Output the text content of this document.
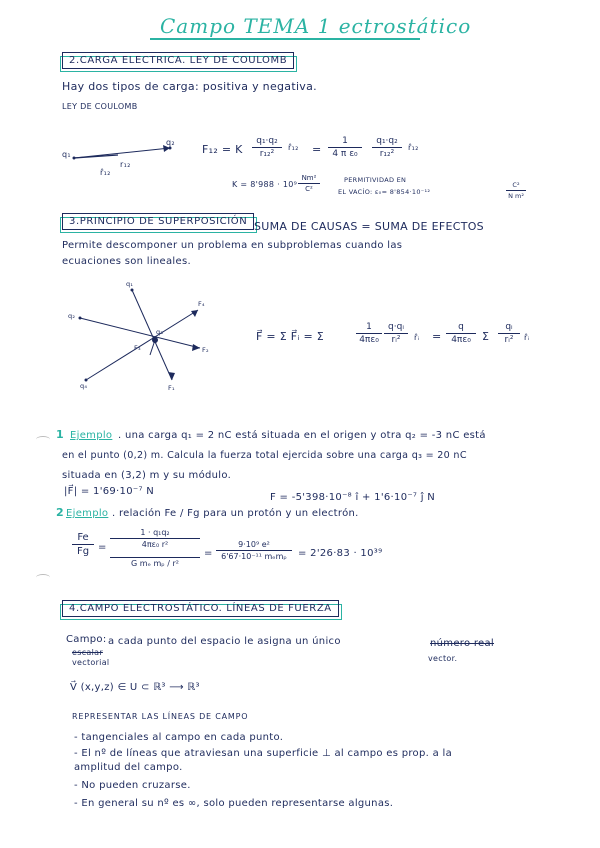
Campo TEMA 1 ectrostático
2.CARGA ELECTRICA. LEY DE COULOMB
Hay dos tipos de carga: positiva y negativa.
LEY DE COULOMB
q₁
q₂
r₁₂
r̂₁₂
F₁₂ = K
q₁·q₂
r₁₂²
r̂₁₂ =
1
4 π ε₀
q₁·q₂
r₁₂²
r̂₁₂
K = 8'988 · 10⁹
Nm²
C²
PERMITIVIDAD EN
EL VACÍO: ε₀= 8'854·10⁻¹²
C²
N m²
3.PRINCIPIO DE SUPERPOSICIÓN SUMA DE CAUSAS = SUMA DE EFECTOS
Permite descomponer un problema en subproblemas cuando las
ecuaciones son lineales.
q₁
q₂
q₃
q₄	F₁
F₂
F₃
F₄
F⃗ = Σ F⃗ᵢ = Σ
1
4πε₀
q·qᵢ
rᵢ²	r̂ᵢ =
q
4πε₀	Σ
qᵢ
rᵢ²	r̂ᵢ
1 Ejemplo . una carga q₁ = 2 nC está situada en el origen y otra q₂ = -3 nC está
en el punto (0,2) m. Calcula la fuerza total ejercida sobre una carga q₃ = 20 nC
situada en (3,2) m y su módulo.
F = -5'398·10⁻⁸ î + 1'6·10⁻⁷ ĵ N
|F⃗| = 1'69·10⁻⁷ N
2 Ejemplo . relación Fe / Fg para un protón y un electrón.
Fe
Fg =
1 · q₁q₂
4πε₀ r²
G mₑ mₚ / r²
=
9·10⁹ e²
6'67·10⁻¹¹ mₑmₚ	= 2'26·83 · 10³⁹
4.CAMPO ELECTROSTÁTICO. LÍNEAS DE FUERZA
Campo: a cada punto del espacio le asigna un único	número real
escalar
vectorial	vector.
V⃗ (x,y,z) ∈ U ⊂ ℝ³ ⟶ ℝ³
REPRESENTAR LAS LÍNEAS DE CAMPO
- tangenciales al campo en cada punto.
- El nº de líneas que atraviesan una superficie ⊥ al campo es prop. a la
amplitud del campo.
- No pueden cruzarse.
- En general su nº es ∞, solo pueden representarse algunas.
